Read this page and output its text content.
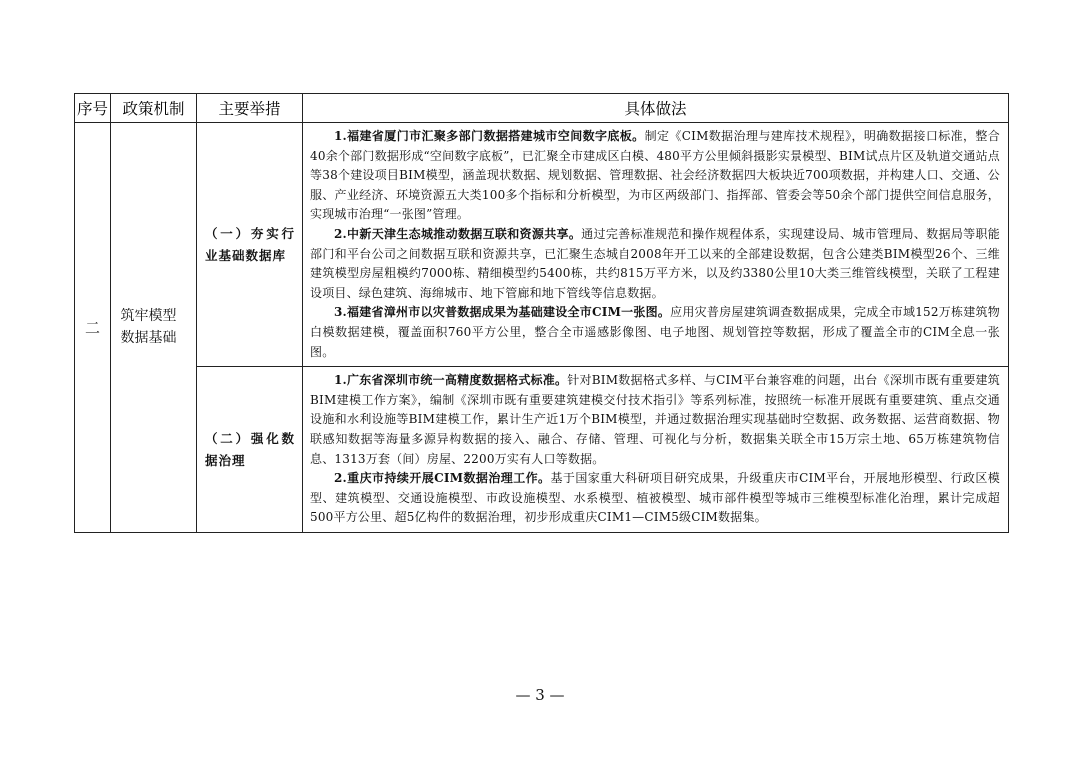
序号	政策机制	主要举措	具体做法
二	筑牢模型数据基础	（一）夯实行业基础数据库	1.福建省厦门市汇聚多部门数据搭建城市空间数字底板。制定《CIM数据治理与建库技术规程》，明确数据接口标准，整合40余个部门数据形成“空间数字底板”，已汇聚全市建成区白模、480平方公里倾斜摄影实景模型、BIM试点片区及轨道交通站点等38个建设项目BIM模型，涵盖现状数据、规划数据、管理数据、社会经济数据四大板块近700项数据，并构建人口、交通、公服、产业经济、环境资源五大类100多个指标和分析模型，为市区两级部门、指挥部、管委会等50余个部门提供空间信息服务，实现城市治理“一张图”管理。

2.中新天津生态城推动数据互联和资源共享。通过完善标准规范和操作规程体系，实现建设局、城市管理局、数据局等职能部门和平台公司之间数据互联和资源共享，已汇聚生态城自2008年开工以来的全部建设数据，包含公建类BIM模型26个、三维建筑模型房屋粗模约7000栋、精细模型约5400栋，共约815万平方米，以及约3380公里10大类三维管线模型，关联了工程建设项目、绿色建筑、海绵城市、地下管廊和地下管线等信息数据。

3.福建省漳州市以灾普数据成果为基础建设全市CIM一张图。应用灾普房屋建筑调查数据成果，完成全市域152万栋建筑物白模数据建模，覆盖面积760平方公里，整合全市遥感影像图、电子地图、规划管控等数据，形成了覆盖全市的CIM全息一张图。

		（二）强化数据治理	1.广东省深圳市统一高精度数据格式标准。针对BIM数据格式多样、与CIM平台兼容难的问题，出台《深圳市既有重要建筑BIM建模工作方案》，编制《深圳市既有重要建筑建模交付技术指引》等系列标准，按照统一标准开展既有重要建筑、重点交通设施和水利设施等BIM建模工作，累计生产近1万个BIM模型，并通过数据治理实现基础时空数据、政务数据、运营商数据、物联感知数据等海量多源异构数据的接入、融合、存储、管理、可视化与分析，数据集关联全市15万宗土地、65万栋建筑物信息、1313万套（间）房屋、2200万实有人口等数据。

2.重庆市持续开展CIM数据治理工作。基于国家重大科研项目研究成果，升级重庆市CIM平台，开展地形模型、行政区模型、建筑模型、交通设施模型、市政设施模型、水系模型、植被模型、城市部件模型等城市三维模型标准化治理，累计完成超500平方公里、超5亿构件的数据治理，初步形成重庆CIM1—CIM5级CIM数据集。

— 3 —
